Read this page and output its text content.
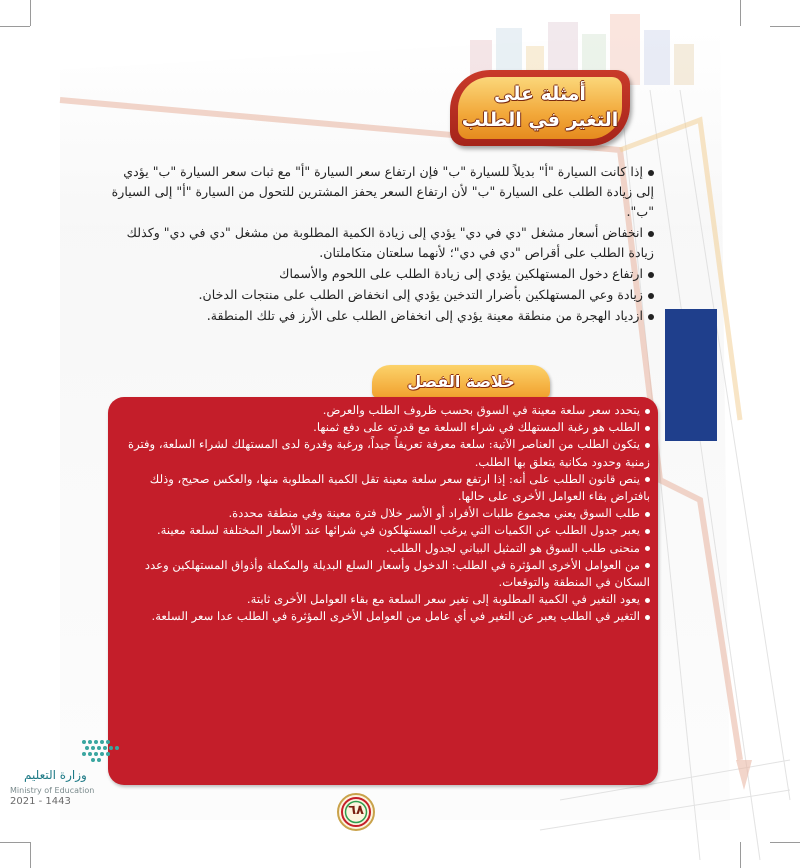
أمثلة على
التغير في الطلب

إذا كانت السيارة "أ" بديلاً للسيارة "ب" فإن ارتفاع سعر السيارة "أ" مع ثبات سعر السيارة "ب" يؤدي إلى زيادة الطلب على السيارة "ب" لأن ارتفاع السعر يحفز المشترين للتحول من السيارة "أ" إلى السيارة "ب".

انخفاض أسعار مشغل "دي في دي" يؤدي إلى زيادة الكمية المطلوبة من مشغل "دي في دي" وكذلك زيادة الطلب على أقراص "دي في دي"؛ لأنهما سلعتان متكاملتان.

ارتفاع دخول المستهلكين يؤدي إلى زيادة الطلب على اللحوم والأسماك

زيادة وعي المستهلكين بأضرار التدخين يؤدي إلى انخفاض الطلب على منتجات الدخان.

ازدياد الهجرة من منطقة معينة يؤدي إلى انخفاض الطلب على الأرز في تلك المنطقة.

خلاصة الفصل

يتحدد سعر سلعة معينة في السوق بحسب ظروف الطلب والعرض.

الطلب هو رغبة المستهلك في شراء السلعة مع قدرته على دفع ثمنها.

يتكون الطلب من العناصر الآتية: سلعة معرفة تعريفاً جيداً، ورغبة وقدرة لدى المستهلك لشراء السلعة، وفترة زمنية وحدود مكانية يتعلق بها الطلب.

ينص قانون الطلب على أنه: إذا ارتفع سعر سلعة معينة تقل الكمية المطلوبة منها، والعكس صحيح، وذلك بافتراض بقاء العوامل الأخرى على حالها.

طلب السوق يعني مجموع طلبات الأفراد أو الأسر خلال فترة معينة وفي منطقة محددة.

يعبر جدول الطلب عن الكميات التي يرغب المستهلكون في شرائها عند الأسعار المختلفة لسلعة معينة.

منحنى طلب السوق هو التمثيل البياني لجدول الطلب.

من العوامل الأخرى المؤثرة في الطلب: الدخول وأسعار السلع البديلة والمكملة وأذواق المستهلكين وعدد السكان في المنطقة والتوقعات.

يعود التغير في الكمية المطلوبة إلى تغير سعر السلعة مع بقاء العوامل الأخرى ثابتة.

التغير في الطلب يعبر عن التغير في أي عامل من العوامل الأخرى المؤثرة في الطلب عدا سعر السلعة.

وزارة التعليم
Ministry of Education
2021 - 1443
٦٨
